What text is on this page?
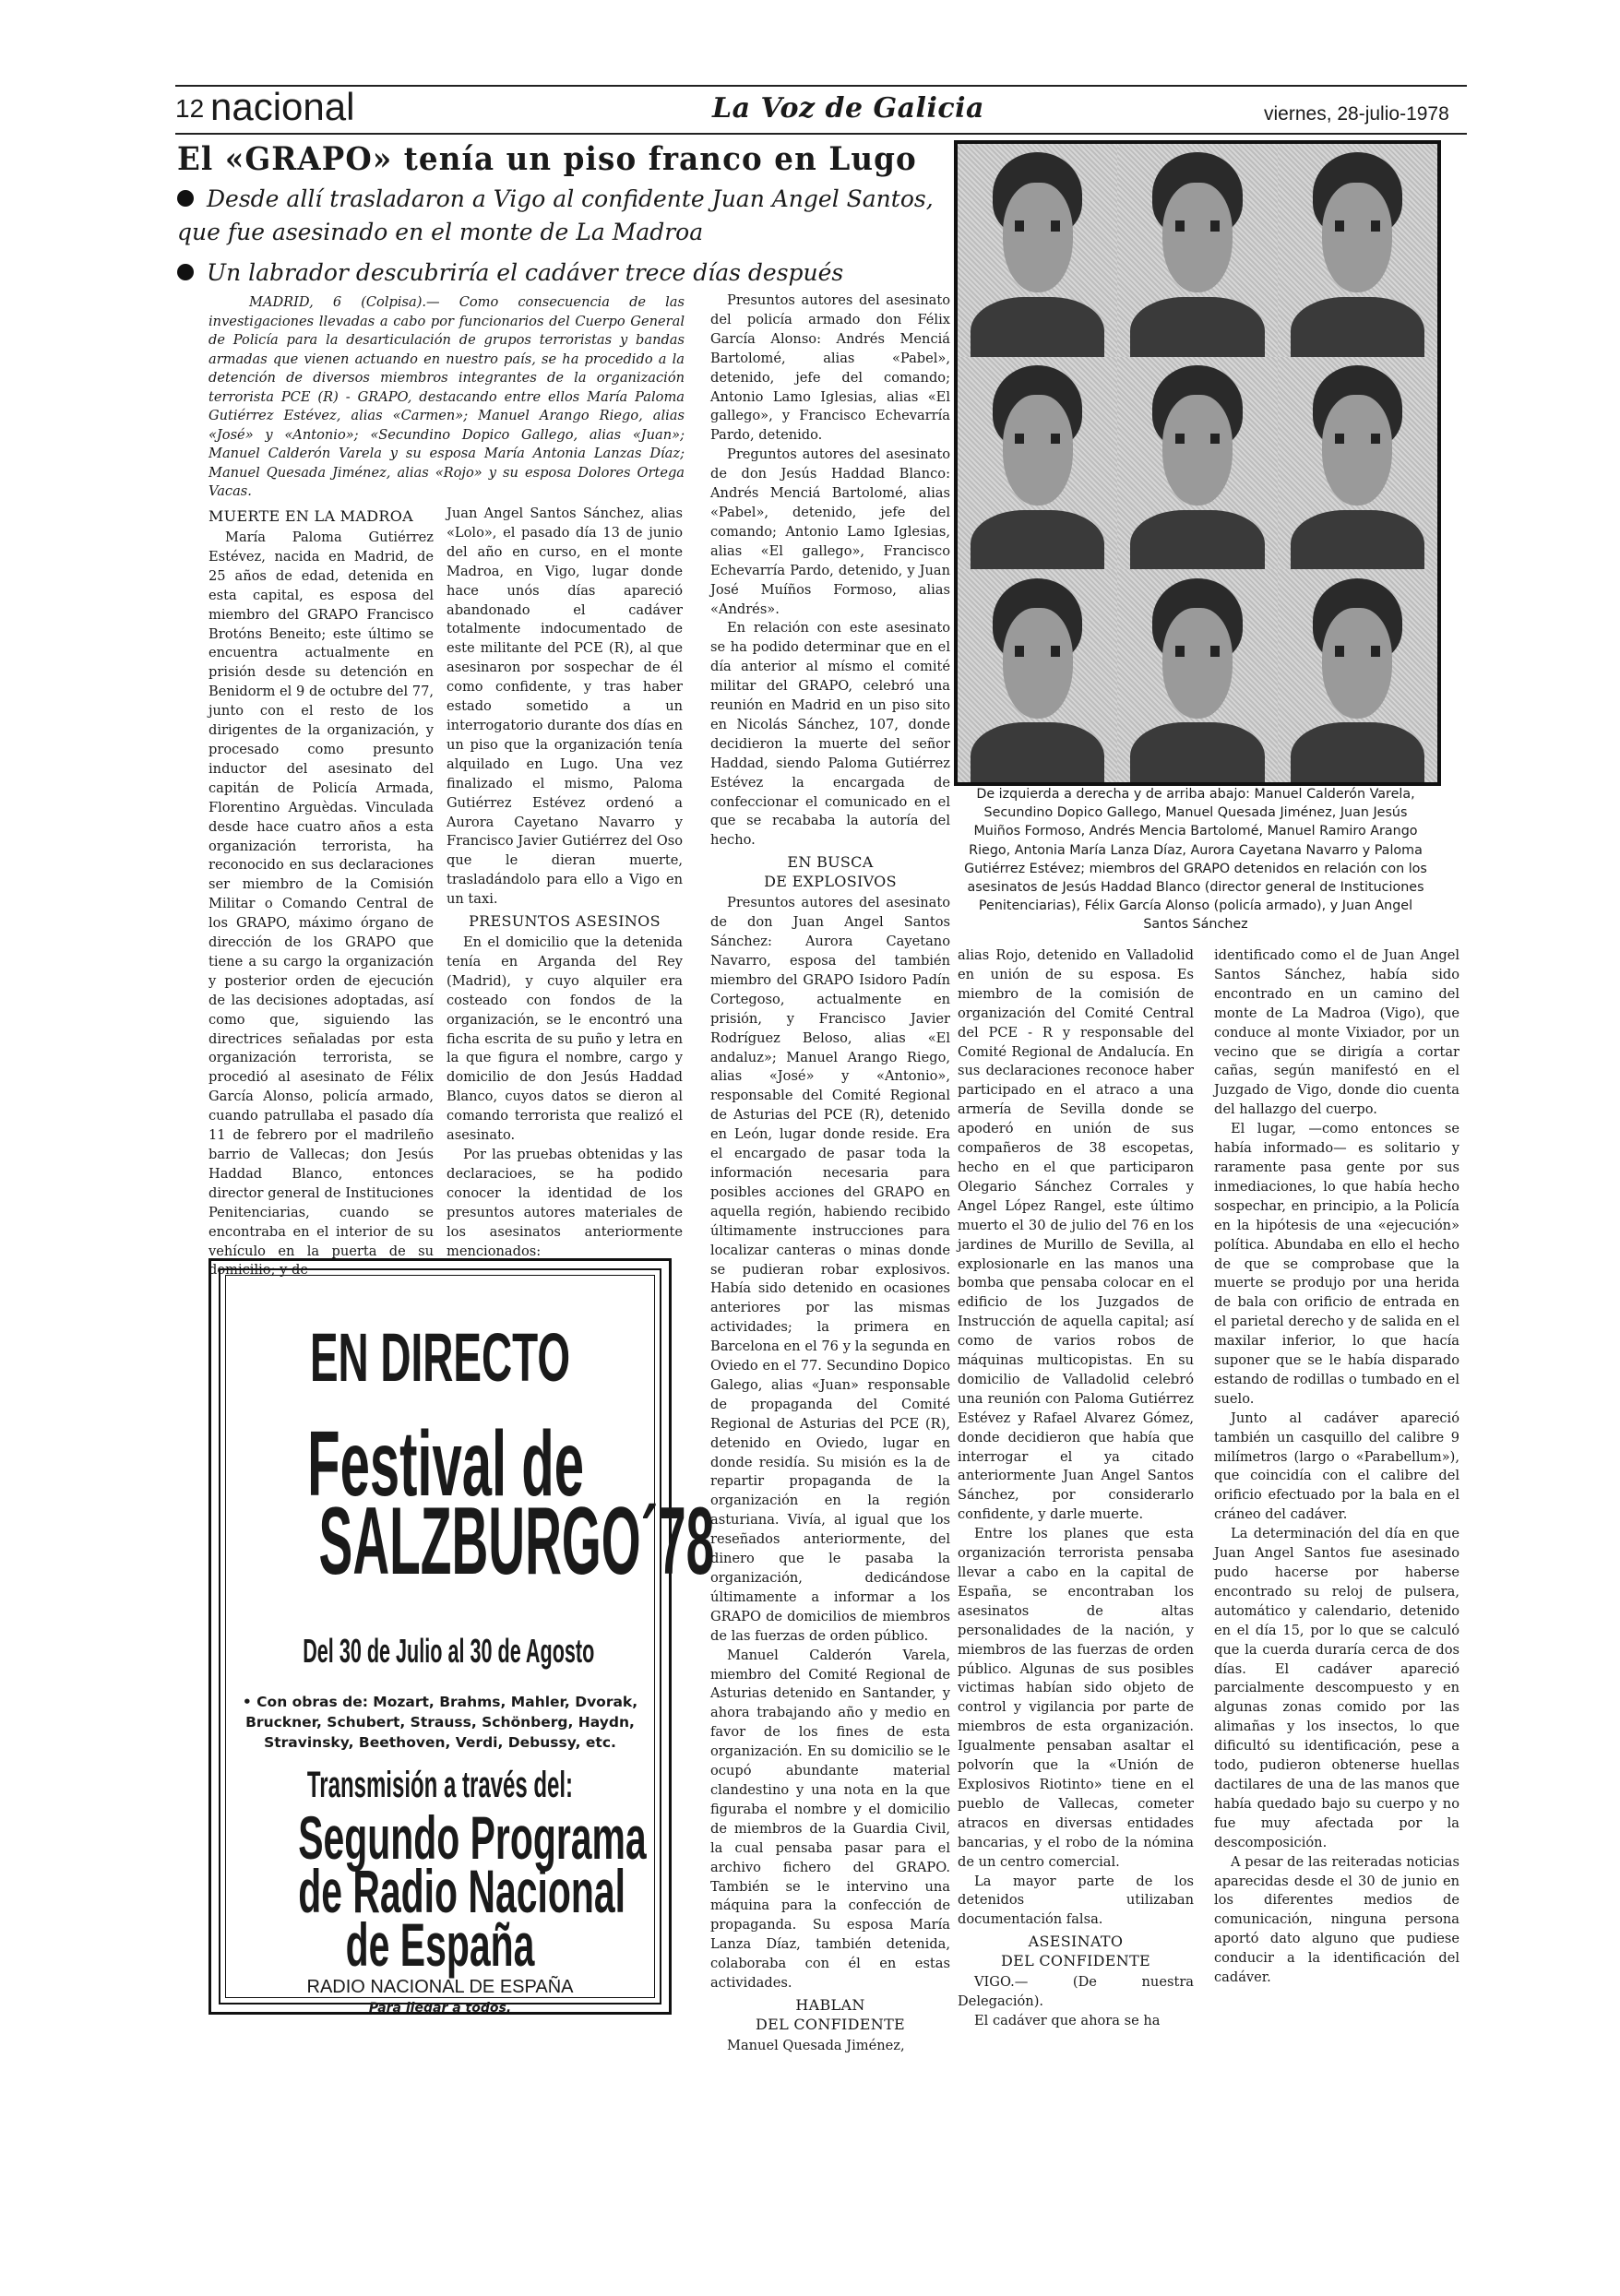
12 nacional	La Voz de Galicia	viernes, 28-julio-1978
El «GRAPO» tenía un piso franco en Lugo
Desde allí trasladaron a Vigo al confidente Juan Angel Santos, que fue asesinado en el monte de La Madroa
Un labrador descubriría el cadáver trece días después

MADRID, 6 (Colpisa).— Como consecuencia de las investigaciones llevadas a cabo por funcionarios del Cuerpo General de Policía para la desarticulación de grupos terroristas y bandas armadas que vienen actuando en nuestro país, se ha procedido a la detención de diversos miembros integrantes de la organización terrorista PCE (R) - GRAPO, destacando entre ellos María Paloma Gutiérrez Estévez, alias «Carmen»; Manuel Arango Riego, alias «José» y «Antonio»; «Secundino Dopico Gallego, alias «Juan»; Manuel Calderón Varela y su esposa María Antonia Lanzas Díaz; Manuel Quesada Jiménez, alias «Rojo» y su esposa Dolores Ortega Vacas.

MUERTE EN LA MADROA

María Paloma Gutiérrez Estévez, nacida en Madrid, de 25 años de edad, detenida en esta capital, es esposa del miembro del GRAPO Francisco Brotóns Beneito; este último se encuentra actualmente en prisión desde su detención en Benidorm el 9 de octubre del 77, junto con el resto de los dirigentes de la organización, y procesado como presunto inductor del asesinato del capitán de Policía Armada, Florentino Arguèdas. Vinculada desde hace cuatro años a esta organización terrorista, ha reconocido en sus declaraciones ser miembro de la Comisión Militar o Comando Central de los GRAPO, máximo órgano de dirección de los GRAPO que tiene a su cargo la organización y posterior orden de ejecución de las decisiones adoptadas, así como que, siguiendo las directrices señaladas por esta organización terrorista, se procedió al asesinato de Félix García Alonso, policía armado, cuando patrullaba el pasado día 11 de febrero por el madrileño barrio de Vallecas; don Jesús Haddad Blanco, entonces director general de Instituciones Penitenciarias, cuando se encontraba en el interior de su vehículo en la puerta de su domicilio; y de

Juan Angel Santos Sánchez, alias «Lolo», el pasado día 13 de junio del año en curso, en el monte Madroa, en Vigo, lugar donde hace unós días apareció abandonado el cadáver totalmente indocumentado de este militante del PCE (R), al que asesinaron por sospechar de él como confidente, y tras haber estado sometido a un interrogatorio durante dos días en un piso que la organización tenía alquilado en Lugo. Una vez finalizado el mismo, Paloma Gutiérrez Estévez ordenó a Aurora Cayetano Navarro y Francisco Javier Gutiérrez del Oso que le dieran muerte, trasladándolo para ello a Vigo en un taxi.

PRESUNTOS ASESINOS

En el domicilio que la detenida tenía en Arganda del Rey (Madrid), y cuyo alquiler era costeado con fondos de la organización, se le encontró una ficha escrita de su puño y letra en la que figura el nombre, cargo y domicilio de don Jesús Haddad Blanco, cuyos datos se dieron al comando terrorista que realizó el asesinato.

Por las pruebas obtenidas y las declaracioes, se ha podido conocer la identidad de los presuntos autores materiales de los asesinatos anteriormente mencionados:

Presuntos autores del asesinato del policía armado don Félix García Alonso: Andrés Menciá Bartolomé, alias «Pabel», detenido, jefe del comando; Antonio Lamo Iglesias, alias «El gallego», y Francisco Echevarría Pardo, detenido.

Preguntos autores del asesinato de don Jesús Haddad Blanco: Andrés Menciá Bartolomé, alias «Pabel», detenido, jefe del comando; Antonio Lamo Iglesias, alias «El gallego», Francisco Echevarría Pardo, detenido, y Juan José Muíños Formoso, alias «Andrés».

En relación con este asesinato se ha podido determinar que en el día anterior al mísmo el comité militar del GRAPO, celebró una reunión en Madrid en un piso sito en Nicolás Sánchez, 107, donde decidieron la muerte del señor Haddad, siendo Paloma Gutiérrez Estévez la encargada de confeccionar el comunicado en el que se recababa la autoría del hecho.

EN BUSCA
DE EXPLOSIVOS

Presuntos autores del asesinato de don Juan Angel Santos Sánchez: Aurora Cayetano Navarro, esposa del también miembro del GRAPO Isidoro Padín Cortegoso, actualmente en prisión, y Francisco Javier Rodríguez Beloso, alias «El andaluz»; Manuel Arango Riego, alias «José» y «Antonio», responsable del Comité Regional de Asturias del PCE (R), detenido en León, lugar donde reside. Era el encargado de pasar toda la información necesaria para posibles acciones del GRAPO en aquella región, habiendo recibido últimamente instrucciones para localizar canteras o minas donde se pudieran robar explosivos. Había sido detenido en ocasiones anteriores por las mismas actividades; la primera en Barcelona en el 76 y la segunda en Oviedo en el 77. Secundino Dopico Galego, alias «Juan» responsable de propaganda del Comité Regional de Asturias del PCE (R), detenido en Oviedo, lugar en donde residía. Su misión es la de repartir propaganda de la organización en la región asturiana. Vivía, al igual que los reseñados anteriormente, del dinero que le pasaba la organización, dedicándose últimamente a informar a los GRAPO de domicilios de miembros de las fuerzas de orden público.

Manuel Calderón Varela, miembro del Comité Regional de Asturias detenido en Santander, y ahora trabajando año y medio en favor de los fines de esta organización. En su domicilio se le ocupó abundante material clandestino y una nota en la que figuraba el nombre y el domicilio de miembros de la Guardia Civil, la cual pensaba pasar para el archivo fichero del GRAPO. También se le intervino una máquina para la confección de propaganda. Su esposa María Lanza Díaz, también detenida, colaboraba con él en estas actividades.

HABLAN
DEL CONFIDENTE

Manuel Quesada Jiménez,

De izquierda a derecha y de arriba abajo: Manuel Calderón Varela, Secundino Dopico Gallego, Manuel Quesada Jiménez, Juan Jesús Muiños Formoso, Andrés Mencia Bartolomé, Manuel Ramiro Arango Riego, Antonia María Lanza Díaz, Aurora Cayetana Navarro y Paloma Gutiérrez Estévez; miembros del GRAPO detenidos en relación con los asesinatos de Jesús Haddad Blanco (director general de Instituciones Penitenciarias), Félix García Alonso (policía armado), y Juan Angel Santos Sánchez

alias Rojo, detenido en Valladolid en unión de su esposa. Es miembro de la comisión de organización del Comité Central del PCE - R y responsable del Comité Regional de Andalucía. En sus declaraciones reconoce haber participado en el atraco a una armería de Sevilla donde se apoderó en unión de sus compañeros de 38 escopetas, hecho en el que participaron Olegario Sánchez Corrales y Angel López Rangel, este último muerto el 30 de julio del 76 en los jardines de Murillo de Sevilla, al explosionarle en las manos una bomba que pensaba colocar en el edificio de los Juzgados de Instrucción de aquella capital; así como de varios robos de máquinas multicopistas. En su domicilio de Valladolid celebró una reunión con Paloma Gutiérrez Estévez y Rafael Alvarez Gómez, donde decidieron que había que interrogar el ya citado anteriormente Juan Angel Santos Sánchez, por considerarlo confidente, y darle muerte.

Entre los planes que esta organización terrorista pensaba llevar a cabo en la capital de España, se encontraban los asesinatos de altas personalidades de la nación, y miembros de las fuerzas de orden público. Algunas de sus posibles victimas habían sido objeto de control y vigilancia por parte de miembros de esta organización. Igualmente pensaban asaltar el polvorín que la «Unión de Explosivos Riotinto» tiene en el pueblo de Vallecas, cometer atracos en diversas entidades bancarias, y el robo de la nómina de un centro comercial.

La mayor parte de los detenidos utilizaban documentación falsa.

ASESINATO
DEL CONFIDENTE

VIGO.— (De nuestra Delegación).

El cadáver que ahora se ha

identificado como el de Juan Angel Santos Sánchez, había sido encontrado en un camino del monte de La Madroa (Vigo), que conduce al monte Vixiador, por un vecino que se dirigía a cortar cañas, según manifestó en el Juzgado de Vigo, donde dio cuenta del hallazgo del cuerpo.

El lugar, —como entonces se había informado— es solitario y raramente pasa gente por sus inmediaciones, lo que había hecho sospechar, en principio, a la Policía en la hipótesis de una «ejecución» política. Abundaba en ello el hecho de que se comprobase que la muerte se produjo por una herida de bala con orificio de entrada en el parietal derecho y de salida en el maxilar inferior, lo que hacía suponer que se le había disparado estando de rodillas o tumbado en el suelo.

Junto al cadáver apareció también un casquillo del calibre 9 milímetros (largo o «Parabellum»), que coincidía con el calibre del orificio efectuado por la bala en el cráneo del cadáver.

La determinación del día en que Juan Angel Santos fue asesinado pudo hacerse por haberse encontrado su reloj de pulsera, automático y calendario, detenido en el día 15, por lo que se calculó que la cuerda duraría cerca de dos días. El cadáver apareció parcialmente descompuesto y en algunas zonas comido por las alimañas y los insectos, lo que dificultó su identificación, pese a todo, pudieron obtenerse huellas dactilares de una de las manos que había quedado bajo su cuerpo y no fue muy afectada por la descomposición.

A pesar de las reiteradas noticias aparecidas desde el 30 de junio en los diferentes medios de comunicación, ninguna persona aportó dato alguno que pudiese conducir a la identificación del cadáver.

EN DIRECTO
Festival de
SALZBURGO´78
Del 30 de Julio al 30 de Agosto
• Con obras de: Mozart, Brahms, Mahler, Dvorak, Bruckner, Schubert, Strauss, Schönberg, Haydn, Stravinsky, Beethoven, Verdi, Debussy, etc.
Transmisión a través del:
Segundo Programa
de Radio Nacional
de España
RADIO NACIONAL DE ESPAÑA
Para llegar a todos.
